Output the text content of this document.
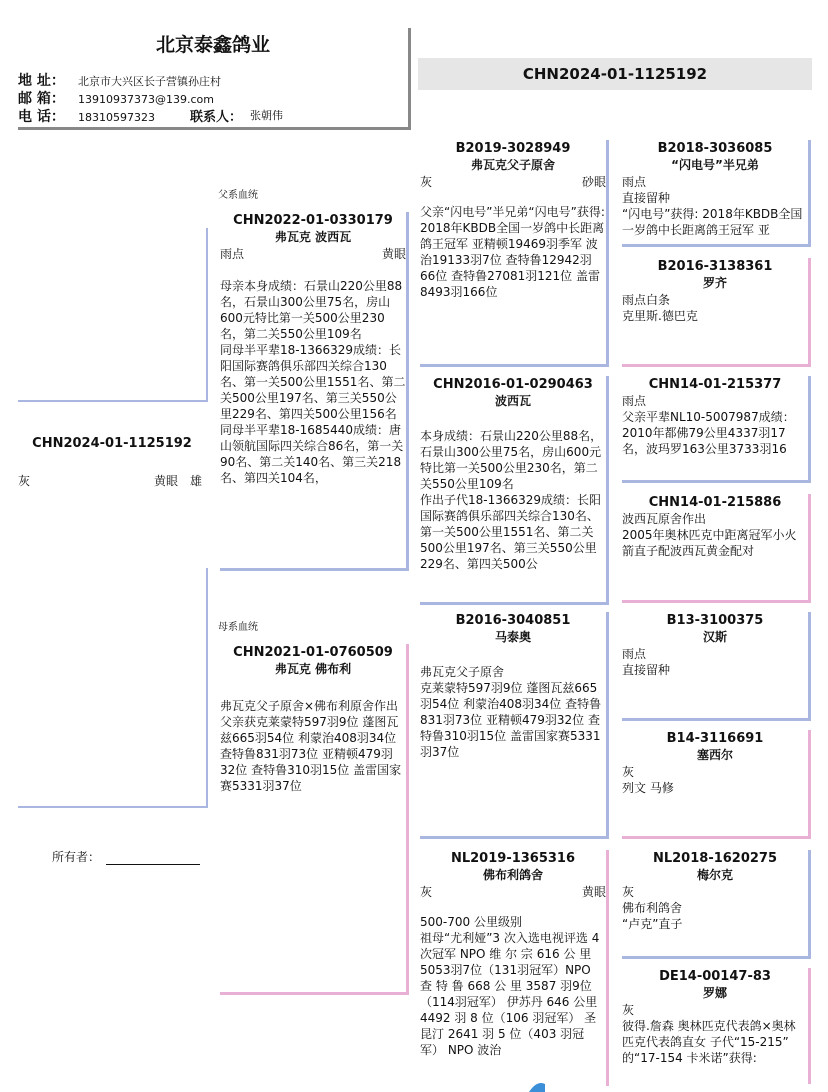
北京泰鑫鸽业
地 址： 北京市大兴区长子营镇孙庄村
邮 箱： 13910937373@139.com
电 话： 18310597323	联系人： 张朝伟
CHN2024-01-1125192
CHN2024-01-1125192
灰	黄眼 雄
父系血统
母系血统
所有者：
CHN2022-01-0330179
弗瓦克 波西瓦
雨点	黄眼
母亲本身成绩：石景山220公里88名，石景山300公里75名，房山600元特比第一关500公里230名，第二关550公里109名
同母半平辈18-1366329成绩：长阳国际赛鸽俱乐部四关综合130名、第一关500公里1551名、第二关500公里197名、第三关550公里229名、第四关500公里156名
同母半平辈18-1685440成绩：唐山领航国际四关综合86名，第一关90名、第二关140名、第三关218名、第四关104名，
CHN2021-01-0760509
弗瓦克 佛布利
弗瓦克父子原舍×佛布利原舍作出
父亲获克莱蒙特597羽9位 蓬图瓦兹665羽54位 利蒙治408羽34位 查特鲁831羽73位 亚精顿479羽32位 查特鲁310羽15位 盖雷国家赛5331羽37位
B2019-3028949
弗瓦克父子原舍
灰	砂眼
父亲“闪电号”半兄弟“闪电号”获得: 2018年KBDB全国一岁鸽中长距离鸽王冠军 亚精顿19469羽季军 波治19133羽7位 查特鲁12942羽66位 查特鲁27081羽121位 盖雷8493羽166位
CHN2016-01-0290463
波西瓦
本身成绩：石景山220公里88名，石景山300公里75名，房山600元特比第一关500公里230名，第二关550公里109名
作出子代18-1366329成绩：长阳国际赛鸽俱乐部四关综合130名、第一关500公里1551名、第二关500公里197名、第三关550公里229名、第四关500公
B2016-3040851
马泰奥
弗瓦克父子原舍
克莱蒙特597羽9位 蓬图瓦兹665羽54位 利蒙治408羽34位 查特鲁831羽73位 亚精顿479羽32位 查特鲁310羽15位 盖雷国家赛5331羽37位
NL2019-1365316
佛布利鸽舍
灰	黄眼
500-700 公里级别
祖母“尤利娅”3 次入选电视评选 4 次冠军 NPO 维 尔 宗 616 公 里 5053羽7位（131羽冠军）NPO 查 特 鲁 668 公 里 3587 羽9位（114羽冠军） 伊苏丹 646 公里 4492 羽 8 位（106 羽冠军） 圣昆汀 2641 羽 5 位（403 羽冠军） NPO 波治
B2018-3036085
“闪电号”半兄弟
雨点
直接留种
“闪电号”获得: 2018年KBDB全国一岁鸽中长距离鸽王冠军 亚
B2016-3138361
罗齐
雨点白条
克里斯.德巴克
CHN14-01-215377
雨点
父亲平辈NL10-5007987成绩：2010年都佛79公里4337羽17名，波玛罗163公里3733羽16
CHN14-01-215886
波西瓦原舍作出
2005年奥林匹克中距离冠军小火箭直子配波西瓦黄金配对
B13-3100375
汉斯
雨点
直接留种
B14-3116691
塞西尔
灰
列文 马修
NL2018-1620275
梅尔克
灰
佛布利鸽舍
“卢克”直子
DE14-00147-83
罗娜
灰
彼得.詹森 奥林匹克代表鸽×奥林 匹克代表鸽直女 子代“15-215” 的“17-154 卡米诺”获得:
